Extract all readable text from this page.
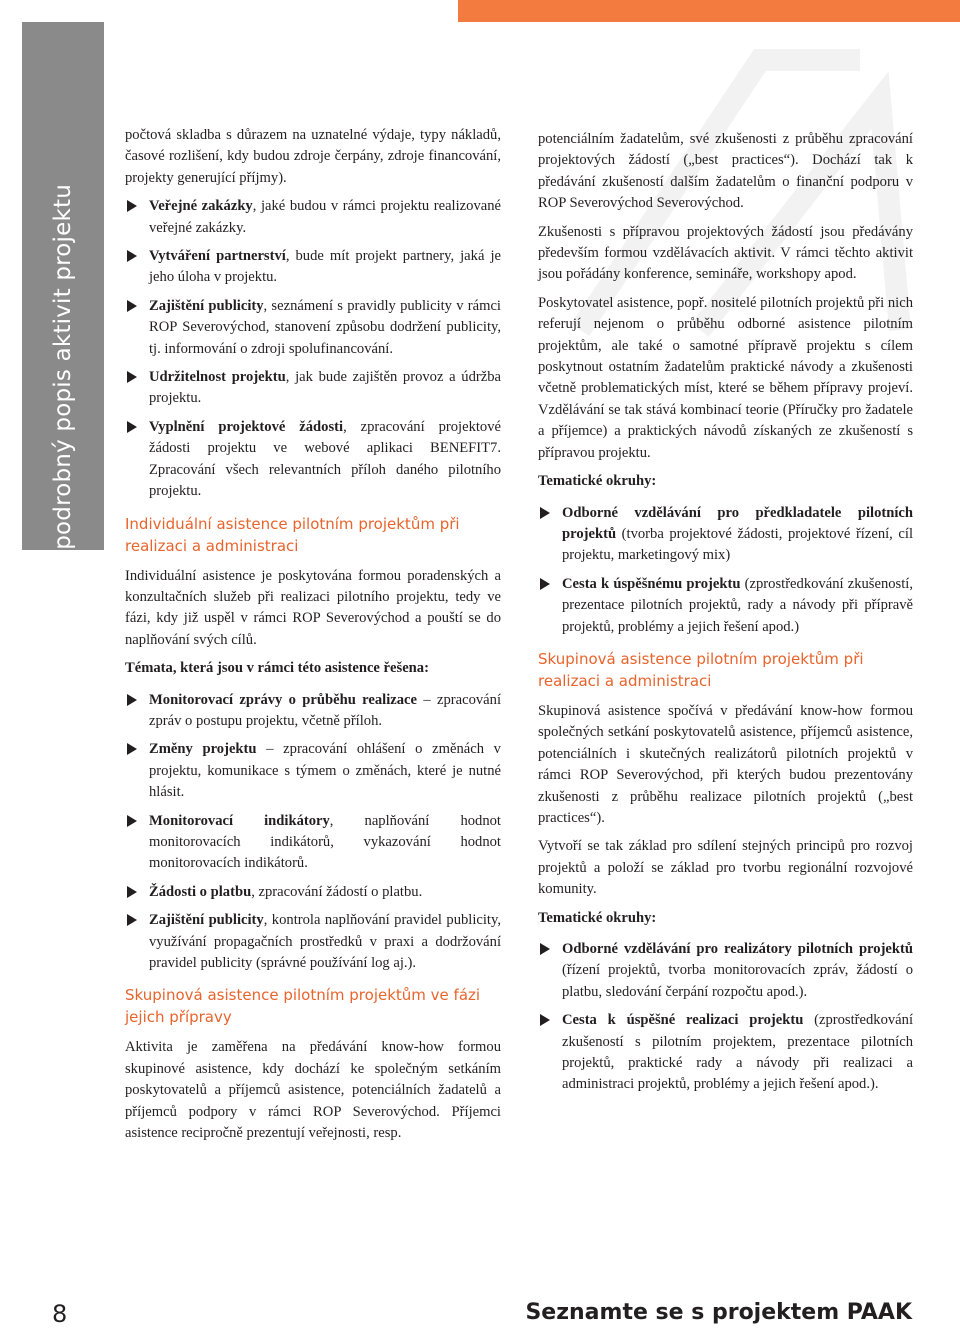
podrobný popis aktivit projektu

počtová skladba s důrazem na uznatelné výdaje, typy nákladů, časové rozlišení, kdy budou zdroje čerpány, zdroje financování, projekty generující příjmy).

Veřejné zakázky, jaké budou v rámci projektu realizované veřejné zakázky.
Vytváření partnerství, bude mít projekt partnery, jaká je jeho úloha v projektu.
Zajištění publicity, seznámení s pravidly publicity v rámci ROP Severovýchod, stanovení způsobu dodržení publicity, tj. informování o zdroji spolufinancování.
Udržitelnost projektu, jak bude zajištěn provoz a údržba projektu.
Vyplnění projektové žádosti, zpracování projektové žádosti projektu ve webové aplikaci BENEFIT7. Zpracování všech relevantních příloh daného pilotního projektu.
Individuální asistence pilotním projektům při realizaci a administraci

Individuální asistence je poskytována formou poradenských a konzultačních služeb při realizaci pilotního projektu, tedy ve fázi, kdy již uspěl v rámci ROP Severovýchod a pouští se do naplňování svých cílů.

Témata, která jsou v rámci této asistence řešena:

Monitorovací zprávy o průběhu realizace – zpracování zpráv o postupu projektu, včetně příloh.
Změny projektu – zpracování ohlášení o změnách v projektu, komunikace s týmem o změnách, které je nutné hlásit.
Monitorovací indikátory, naplňování hodnot monitorovacích indikátorů, vykazování hodnot monitorovacích indikátorů.
Žádosti o platbu, zpracování žádostí o platbu.
Zajištění publicity, kontrola naplňování pravidel publicity, využívání propagačních prostředků v praxi a dodržování pravidel publicity (správné používání log aj.).
Skupinová asistence pilotním projektům ve fázi jejich přípravy

Aktivita je zaměřena na předávání know-how formou skupinové asistence, kdy dochází ke společným setkáním poskytovatelů a příjemců asistence, potenciálních žadatelů a příjemců podpory v rámci ROP Severovýchod. Příjemci asistence recipročně prezentují veřejnosti, resp.

potenciálním žadatelům, své zkušenosti z průběhu zpracování projektových žádostí („best practices“). Dochází tak k předávání zkušeností dalším žadatelům o finanční podporu v ROP Severovýchod Severovýchod.

Zkušenosti s přípravou projektových žádostí jsou předávány především formou vzdělávacích aktivit. V rámci těchto aktivit jsou pořádány konference, semináře, workshopy apod.

Poskytovatel asistence, popř. nositelé pilotních projektů při nich referují nejenom o průběhu odborné asistence pilotním projektům, ale také o samotné přípravě projektu s cílem poskytnout ostatním žadatelům praktické návody a zkušenosti včetně problematických míst, které se během přípravy projeví. Vzdělávání se tak stává kombinací teorie (Příručky pro žadatele a příjemce) a praktických návodů získaných ze zkušeností s přípravou projektu.

Tematické okruhy:

Odborné vzdělávání pro předkladatele pilotních projektů (tvorba projektové žádosti, projektové řízení, cíl projektu, marketingový mix)
Cesta k úspěšnému projektu (zprostředkování zkušeností, prezentace pilotních projektů, rady a návody při přípravě projektů, problémy a jejich řešení apod.)
Skupinová asistence pilotním projektům při realizaci a administraci

Skupinová asistence spočívá v předávání know-how formou společných setkání poskytovatelů asistence, příjemců asistence, potenciálních i skutečných realizátorů pilotních projektů v rámci ROP Severovýchod, při kterých budou prezentovány zkušenosti z průběhu realizace pilotních projektů („best practices“).

Vytvoří se tak základ pro sdílení stejných principů pro rozvoj projektů a položí se základ pro tvorbu regionální rozvojové komunity.

Tematické okruhy:

Odborné vzdělávání pro realizátory pilotních projektů (řízení projektů, tvorba monitorovacích zpráv, žádostí o platbu, sledování čerpání rozpočtu apod.).
Cesta k úspěšné realizaci projektu (zprostředkování zkušeností s pilotním projektem, prezentace pilotních projektů, praktické rady a návody při realizaci a administraci projektů, problémy a jejich řešení apod.).
8	Seznamte se s projektem PAAK
